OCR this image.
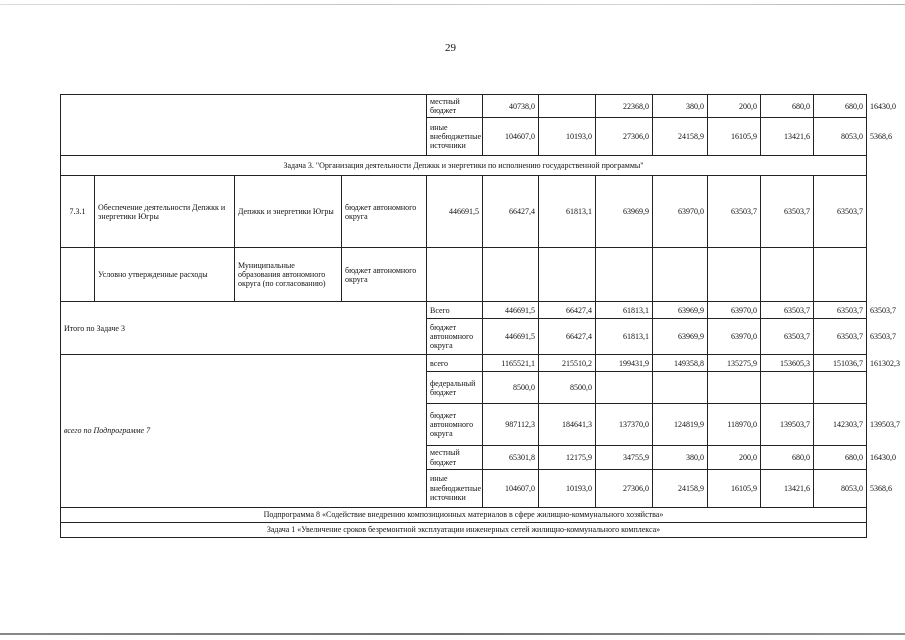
29
				местный бюджет	40738,0		22368,0	380,0	200,0	680,0	680,0	16430,0
				иные внебюджетные источники	104607,0	10193,0	27306,0	24158,9	16105,9	13421,6	8053,0	5368,6
Задача 3. "Организация деятельности Депжкк и энергетики по исполнению государственной программы"												
7.3.1	Обеспечение деятельности Депжкк и энергетики Югры	Депжкк и энергетики Югры	бюджет автономного округа	446691,5	66427,4	61813,1	63969,9	63970,0	63503,7	63503,7	63503,7	
	Условно утвержденные расходы	Муниципальные образования автономного округа (по согласованию)	бюджет автономного округа									
Итого по Задаче 3				Всего	446691,5	66427,4	61813,1	63969,9	63970,0	63503,7	63503,7	63503,7
				бюджет автономного округа	446691,5	66427,4	61813,1	63969,9	63970,0	63503,7	63503,7	63503,7
всего по Подпрограмме 7				всего	1165521,1	215510,2	199431,9	149358,8	135275,9	153605,3	151036,7	161302,3
				федеральный бюджет	8500,0	8500,0						
				бюджет автономного округа	987112,3	184641,3	137370,0	124819,9	118970,0	139503,7	142303,7	139503,7
				местный бюджет	65301,8	12175,9	34755,9	380,0	200,0	680,0	680,0	16430,0
				иные внебюджетные источники	104607,0	10193,0	27306,0	24158,9	16105,9	13421,6	8053,0	5368,6
Подпрограмма 8 «Содействие внедрению композиционных материалов в сфере жилищно-коммунального хозяйства»												
Задача 1 «Увеличение сроков безремонтной эксплуатации инженерных сетей жилищно-коммунального комплекса»												
